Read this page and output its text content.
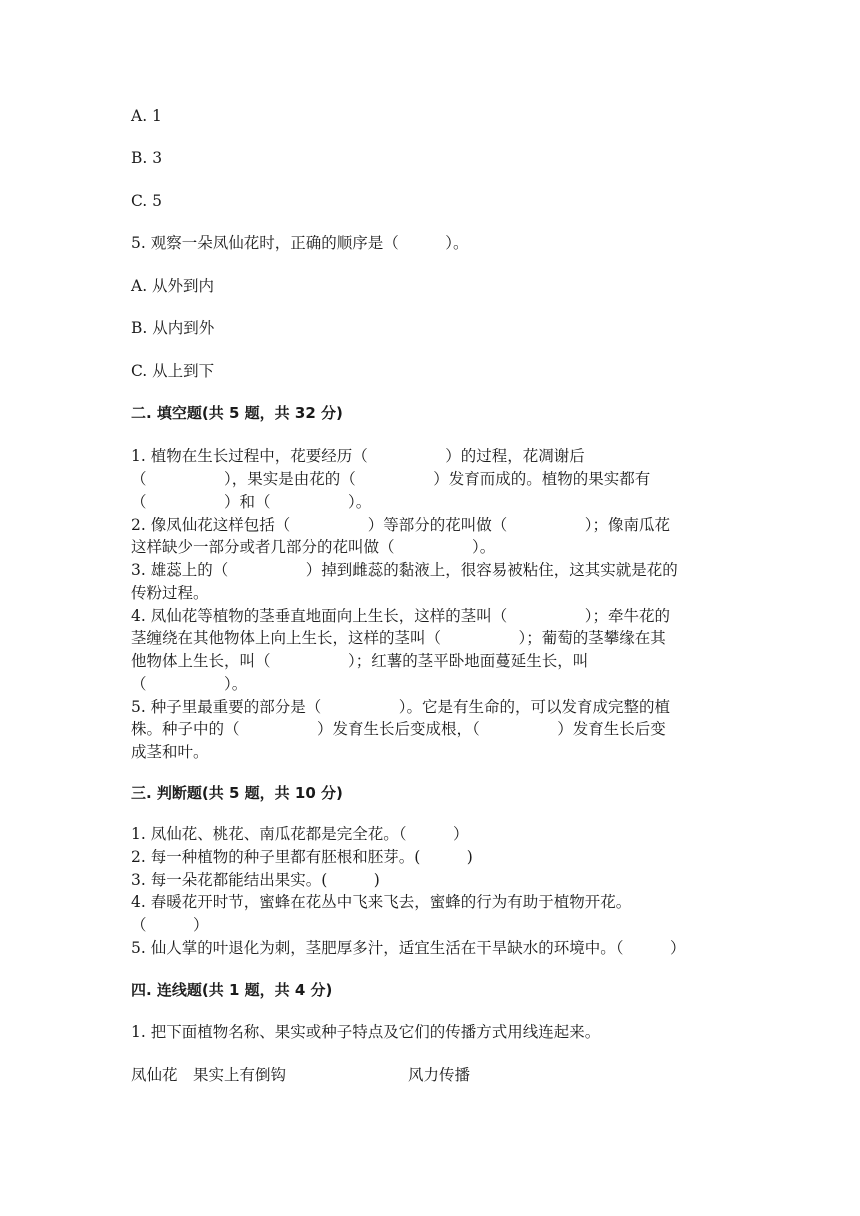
A. 1
B. 3
C. 5
5. 观察一朵凤仙花时，正确的顺序是（　　　）。
A. 从外到内
B. 从内到外
C. 从上到下
二. 填空题(共 5 题，共 32 分)
1. 植物在生长过程中，花要经历（　　　　　）的过程，花凋谢后
（　　　　　），果实是由花的（　　　　　）发育而成的。植物的果实都有
（　　　　　）和（　　　　　）。
2. 像凤仙花这样包括（　　　　　）等部分的花叫做（　　　　　）；像南瓜花
这样缺少一部分或者几部分的花叫做（　　　　　）。
3. 雄蕊上的（　　　　　）掉到雌蕊的黏液上，很容易被粘住，这其实就是花的
传粉过程。
4. 凤仙花等植物的茎垂直地面向上生长，这样的茎叫（　　　　　）；牵牛花的
茎缠绕在其他物体上向上生长，这样的茎叫（　　　　　）；葡萄的茎攀缘在其
他物体上生长，叫（　　　　　）；红薯的茎平卧地面蔓延生长，叫
（　　　　　）。
5. 种子里最重要的部分是（　　　　　）。它是有生命的，可以发育成完整的植
株。种子中的（　　　　　）发育生长后变成根，（　　　　　）发育生长后变
成茎和叶。
三. 判断题(共 5 题，共 10 分)
1. 凤仙花、桃花、南瓜花都是完全花。（　　　）
2. 每一种植物的种子里都有胚根和胚芽。(　　　)
3. 每一朵花都能结出果实。(　　　)
4. 春暖花开时节，蜜蜂在花丛中飞来飞去，蜜蜂的行为有助于植物开花。
（　　　）
5. 仙人掌的叶退化为刺，茎肥厚多汁，适宜生活在干旱缺水的环境中。（　　　）
四. 连线题(共 1 题，共 4 分)
1. 把下面植物名称、果实或种子特点及它们的传播方式用线连起来。
凤仙花 果实上有倒钩	风力传播
